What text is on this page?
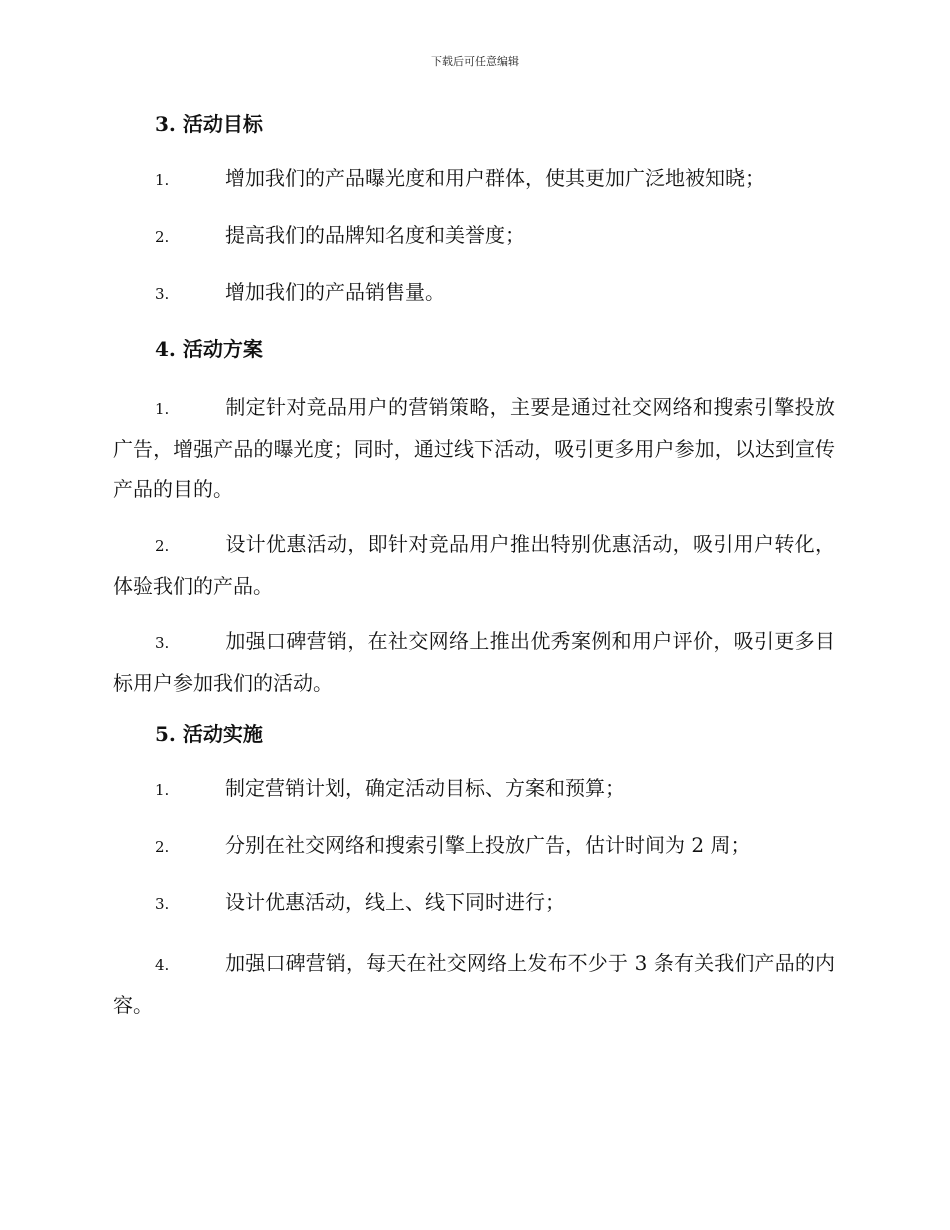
下载后可任意编辑
3. 活动目标
1.	增加我们的产品曝光度和用户群体，使其更加广泛地被知晓；
2.	提高我们的品牌知名度和美誉度；
3.	增加我们的产品销售量。
4. 活动方案
1.	制定针对竞品用户的营销策略，主要是通过社交网络和搜索引擎投放广告，增强产品的曝光度；同时，通过线下活动，吸引更多用户参加，以达到宣传产品的目的。
2.	设计优惠活动，即针对竞品用户推出特别优惠活动，吸引用户转化，体验我们的产品。
3.	加强口碑营销，在社交网络上推出优秀案例和用户评价，吸引更多目标用户参加我们的活动。
5. 活动实施
1.	制定营销计划，确定活动目标、方案和预算；
2.	分别在社交网络和搜索引擎上投放广告，估计时间为 2 周；
3.	设计优惠活动，线上、线下同时进行；
4.	加强口碑营销，每天在社交网络上发布不少于 3 条有关我们产品的内容。
